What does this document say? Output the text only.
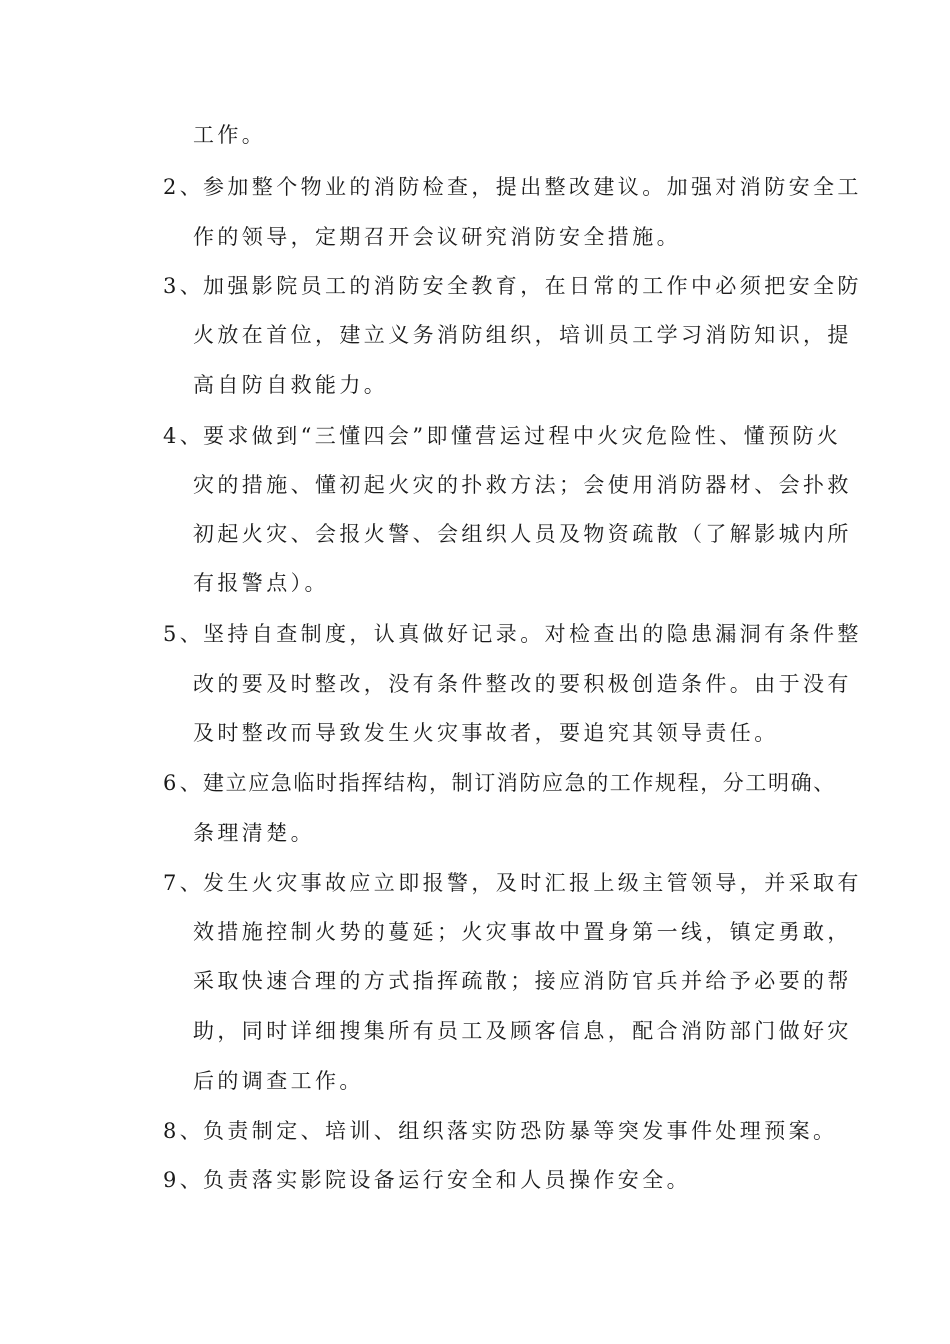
工作。
2、
参加整个物业的消防检查，提出整改建议。加强对消防安全工
作的领导，定期召开会议研究消防安全措施。
3、
加强影院员工的消防安全教育，在日常的工作中必须把安全防
火放在首位，建立义务消防组织，培训员工学习消防知识，提
高自防自救能力。
4、
要求做到“三懂四会”即懂营运过程中火灾危险性、懂预防火
灾的措施、懂初起火灾的扑救方法；会使用消防器材、会扑救
初起火灾、会报火警、会组织人员及物资疏散（了解影城内所
有报警点）。
5、
坚持自查制度，认真做好记录。对检查出的隐患漏洞有条件整
改的要及时整改，没有条件整改的要积极创造条件。由于没有
及时整改而导致发生火灾事故者，要追究其领导责任。
6、
建立应急临时指挥结构，制订消防应急的工作规程，分工明确、
条理清楚。
7、
发生火灾事故应立即报警，及时汇报上级主管领导，并采取有
效措施控制火势的蔓延；火灾事故中置身第一线，镇定勇敢，
采取快速合理的方式指挥疏散；接应消防官兵并给予必要的帮
助，同时详细搜集所有员工及顾客信息，配合消防部门做好灾
后的调查工作。
8、
负责制定、培训、组织落实防恐防暴等突发事件处理预案。
9、
负责落实影院设备运行安全和人员操作安全。
